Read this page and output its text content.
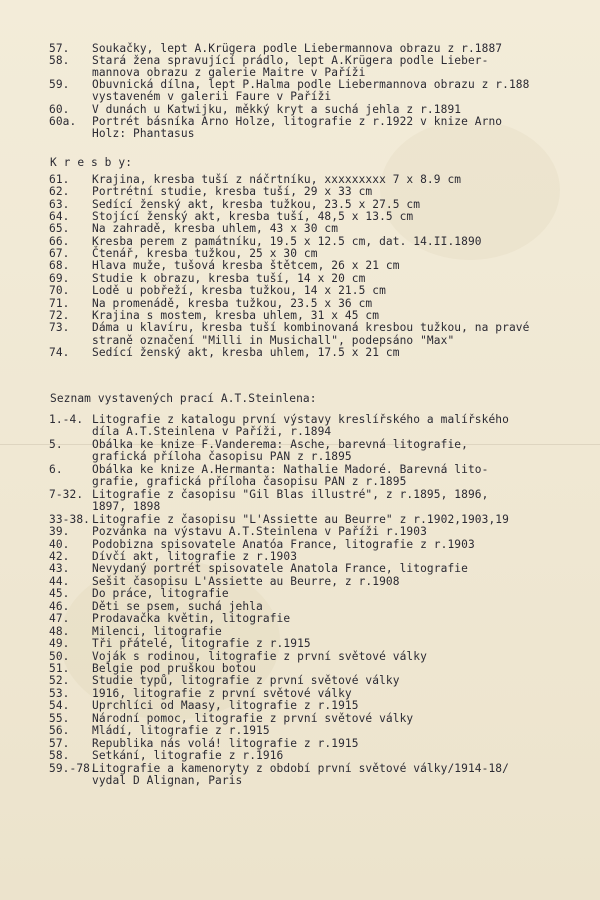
57. Soukačky, lept A.Krügera podle Liebermannova obrazu z r.1887
58. Stará žena spravující prádlo, lept A.Krügera podle Lieber-
mannova obrazu z galerie Maitre v Paříži
59. Obuvnická dílna, lept P.Halma podle Liebermannova obrazu z r.188
vystaveném v galerii Faure v Paříži
60. V dunách u Katwijku, měkký kryt a suchá jehla z r.1891
60a. Portrét básníka Arno Holze, litografie z r.1922 v knize Arno
Holz: Phantasus
K r e s b y:
61. Krajina, kresba tuší z náčrtníku, xxxxxxxxx 7 x 8.9 cm
62. Portrétní studie, kresba tuší, 29 x 33 cm
63. Sedící ženský akt, kresba tužkou, 23.5 x 27.5 cm
64. Stojící ženský akt, kresba tuší, 48,5 x 13.5 cm
65. Na zahradě, kresba uhlem, 43 x 30 cm
66. Kresba perem z památníku, 19.5 x 12.5 cm, dat. 14.II.1890
67. Čtenář, kresba tužkou, 25 x 30 cm
68. Hlava muže, tušová kresba štětcem, 26 x 21 cm
69. Studie k obrazu, kresba tuší, 14 x 20 cm
70. Lodě u pobřeží, kresba tužkou, 14 x 21.5 cm
71. Na promenádě, kresba tužkou, 23.5 x 36 cm
72. Krajina s mostem, kresba uhlem, 31 x 45 cm
73. Dáma u klavíru, kresba tuší kombinovaná kresbou tužkou, na pravé
straně označení "Milli in Musichall", podepsáno "Max"
74. Sedící ženský akt, kresba uhlem, 17.5 x 21 cm
Seznam vystavených prací A.T.Steinlena:
1.-4. Litografie z katalogu první výstavy kreslířského a malířského
díla A.T.Steinlena v Paříži, r.1894
5.	Obálka ke knize F.Vanderema: Asche, barevná litografie,
grafická příloha časopisu PAN z r.1895
6.	Obálka ke knize A.Hermanta: Nathalie Madoré. Barevná lito-
grafie, grafická příloha časopisu PAN z r.1895
7-32. Litografie z časopisu "Gil Blas illustré", z r.1895, 1896,
1897, 1898
33-38. Litografie z časopisu "L'Assiette au Beurre" z r.1902,1903,19
39. Pozvánka na výstavu A.T.Steinlena v Paříži r.1903
40. Podobizna spisovatele Anatóa France, litografie z r.1903
42. Dívčí akt, litografie z r.1903
43. Nevydaný portrét spisovatele Anatola France, litografie
44. Sešit časopisu L'Assiette au Beurre, z r.1908
45. Do práce, litografie
46. Děti se psem, suchá jehla
47. Prodavačka květin, litografie
48. Milenci, litografie
49. Tři přátelé, litografie z r.1915
50. Voják s rodinou, litografie z první světové války
51. Belgie pod pruškou botou
52. Studie typů, litografie z první světové války
53. 1916, litografie z první světové války
54. Uprchlíci od Maasy, litografie z r.1915
55. Národní pomoc, litografie z první světové války
56. Mládí, litografie z r.1915
57. Republika nás volá! litografie z r.1915
58. Setkání, litografie z r.1916
59.-78.
Litografie a kamenoryty z období první světové války/1914-18/
vydal D Alignan, Paris
